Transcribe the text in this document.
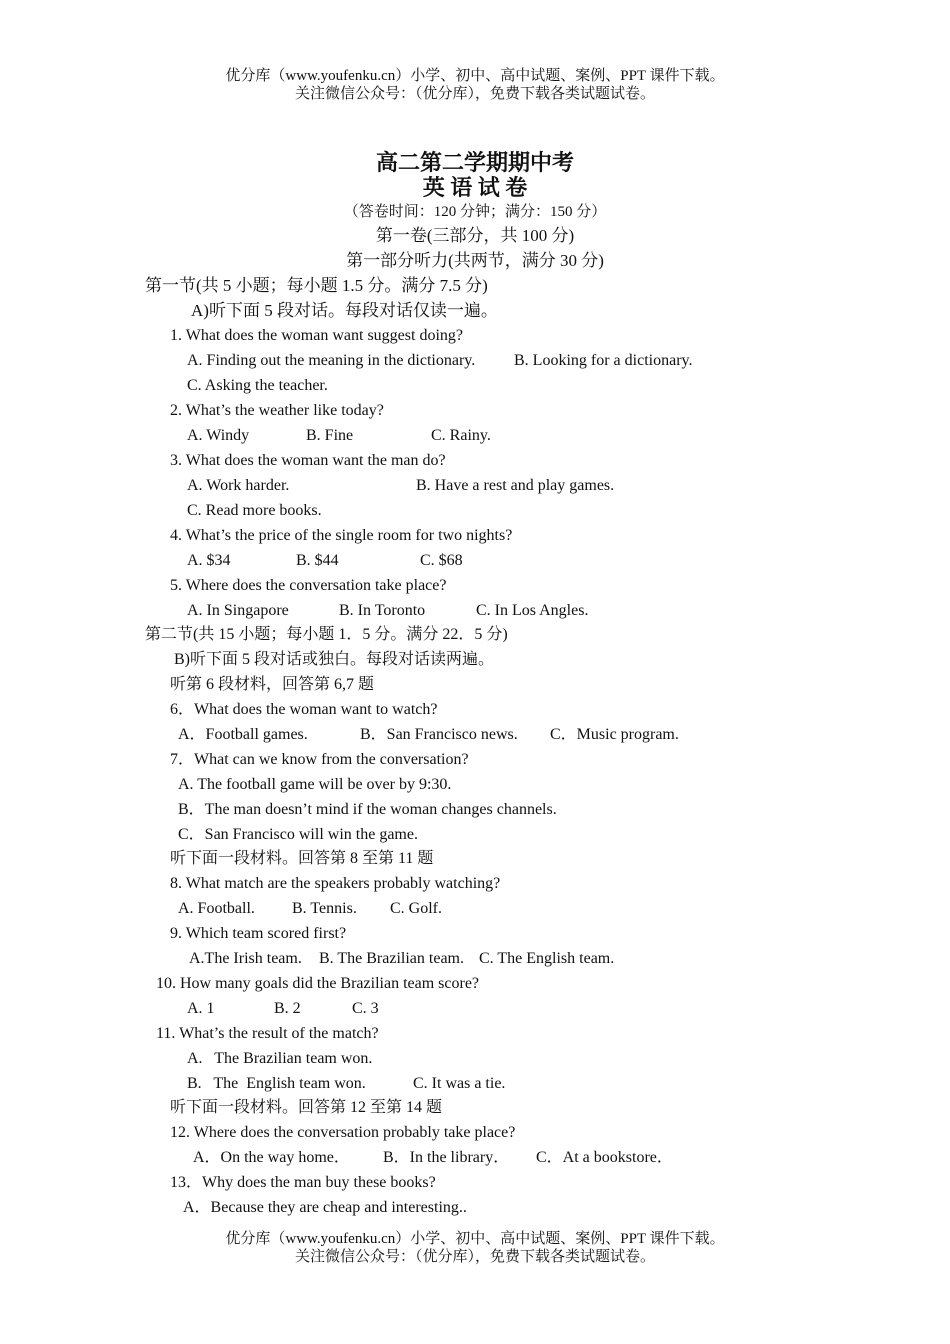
优分库（www.youfenku.cn）小学、初中、高中试题、案例、PPT 课件下载。
关注微信公众号：（优分库），免费下载各类试题试卷。
高二第二学期期中考
英 语 试 卷
（答卷时间：120 分钟；满分：150 分）
第一卷(三部分，共 100 分)
第一部分听力(共两节，满分 30 分)
第一节(共 5 小题；每小题 1.5 分。满分 7.5 分)
A)听下面 5 段对话。每段对话仅读一遍。
1. What does the woman want suggest doing?
A. Finding out the meaning in the dictionary. B. Looking for a dictionary.
C. Asking the teacher.
2. What’s the weather like today?
A. Windy	B. Fine	C. Rainy.
3. What does the woman want the man do?
A. Work harder.	B. Have a rest and play games.
C. Read more books.
4. What’s the price of the single room for two nights?
A. $34	B. $44	C. $68
5. Where does the conversation take place?
A. In Singapore	B. In Toronto	C. In Los Angles.
第二节(共 15 小题；每小题 1．5 分。满分 22．5 分)
B)听下面 5 段对话或独白。每段对话读两遍。
听第 6 段材料，回答第 6,7 题
6．What does the woman want to watch?
A．Football games.	B．San Francisco news. C．Music program.
7．What can we know from the conversation?
A. The football game will be over by 9:30.
B．The man doesn’t mind if the woman changes channels.
C．San Francisco will win the game.
听下面一段材料。回答第 8 至第 11 题
8. What match are the speakers probably watching?
A. Football. B. Tennis. C. Golf.
9. Which team scored first?
A.The Irish team. B. The Brazilian team. C. The English team.
10. How many goals did the Brazilian team score?
A. 1	B. 2	C. 3
11. What’s the result of the match?
A.   The Brazilian team won.
B.   The  English team won.	C. It was a tie.
听下面一段材料。回答第 12 至第 14 题
12. Where does the conversation probably take place?
A．On the way home． B．In the library． C．At a bookstore．
13．Why does the man buy these books?
A．Because they are cheap and interesting..
优分库（www.youfenku.cn）小学、初中、高中试题、案例、PPT 课件下载。
关注微信公众号：（优分库），免费下载各类试题试卷。
